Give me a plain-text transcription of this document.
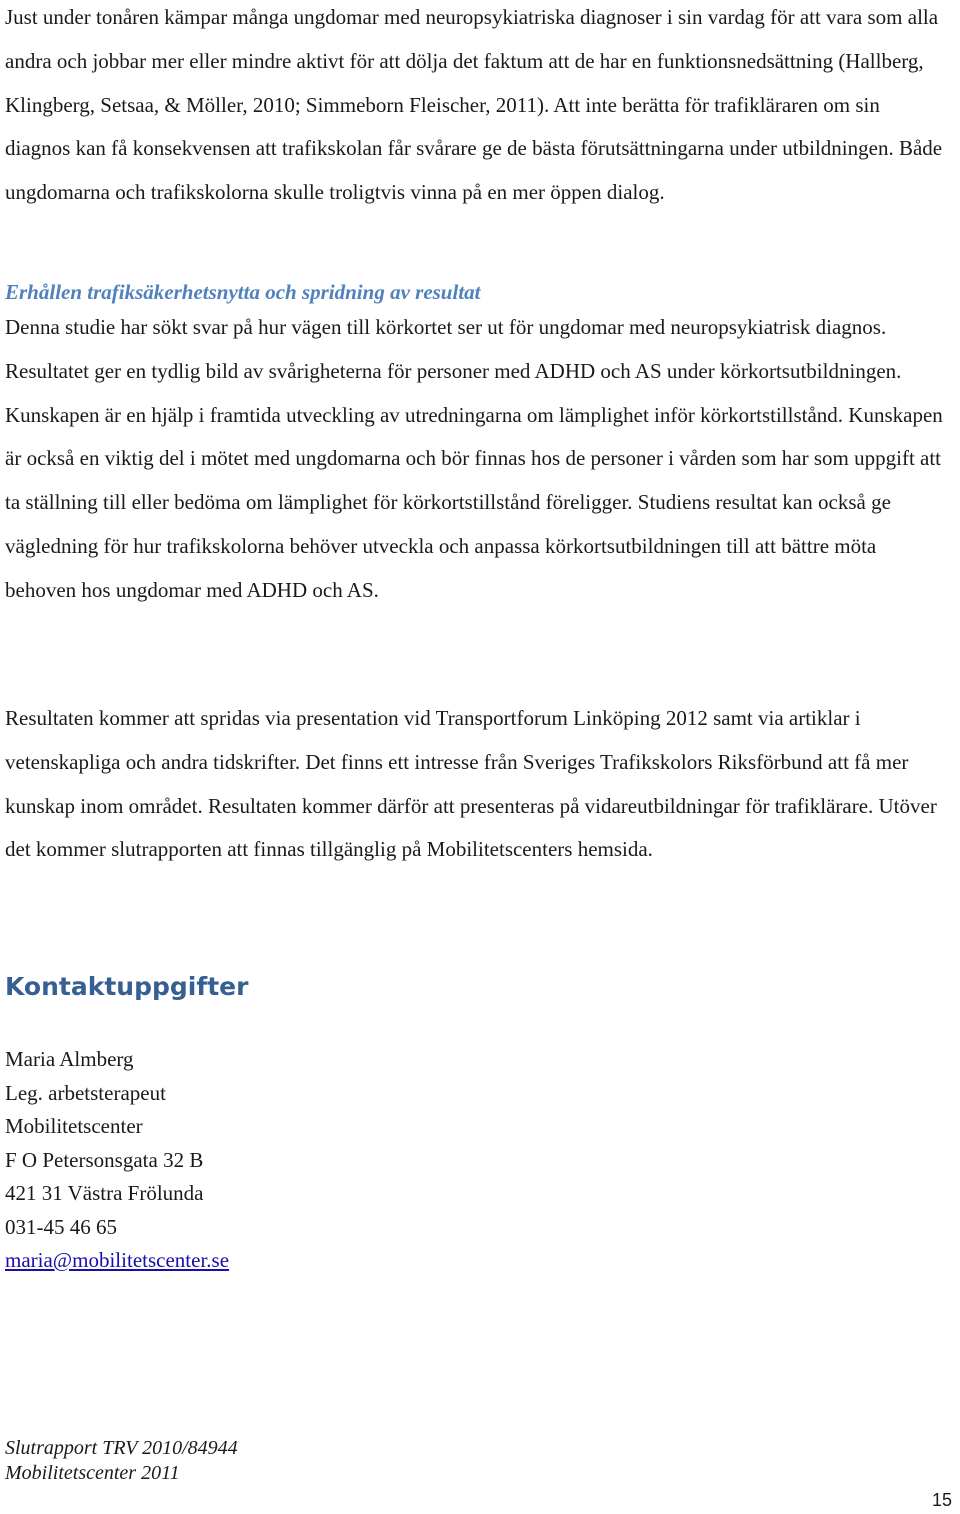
Just under tonåren kämpar många ungdomar med neuropsykiatriska diagnoser i sin vardag för att vara som alla andra och jobbar mer eller mindre aktivt för att dölja det faktum att de har en funktionsnedsättning (Hallberg, Klingberg, Setsaa, & Möller, 2010; Simmeborn Fleischer, 2011). Att inte berätta för trafikläraren om sin diagnos kan få konsekvensen att trafikskolan får svårare ge de bästa förutsättningarna under utbildningen. Både ungdomarna och trafikskolorna skulle troligtvis vinna på en mer öppen dialog.

Erhållen trafiksäkerhetsnytta och spridning av resultat

Denna studie har sökt svar på hur vägen till körkortet ser ut för ungdomar med neuropsykiatrisk diagnos. Resultatet ger en tydlig bild av svårigheterna för personer med ADHD och AS under körkortsutbildningen. Kunskapen är en hjälp i framtida utveckling av utredningarna om lämplighet inför körkortstillstånd. Kunskapen är också en viktig del i mötet med ungdomarna och bör finnas hos de personer i vården som har som uppgift att ta ställning till eller bedöma om lämplighet för körkortstillstånd föreligger. Studiens resultat kan också ge vägledning för hur trafikskolorna behöver utveckla och anpassa körkortsutbildningen till att bättre möta behoven hos ungdomar med ADHD och AS.

Resultaten kommer att spridas via presentation vid Transportforum Linköping 2012 samt via artiklar i vetenskapliga och andra tidskrifter. Det finns ett intresse från Sveriges Trafikskolors Riksförbund att få mer kunskap inom området. Resultaten kommer därför att presenteras på vidareutbildningar för trafiklärare. Utöver det kommer slutrapporten att finnas tillgänglig på Mobilitetscenters hemsida.

Kontaktuppgifter
Maria Almberg
Leg. arbetsterapeut
Mobilitetscenter
F O Petersonsgata 32 B
421 31 Västra Frölunda
031-45 46 65
maria@mobilitetscenter.se
Slutrapport TRV 2010/84944
Mobilitetscenter 2011
15
